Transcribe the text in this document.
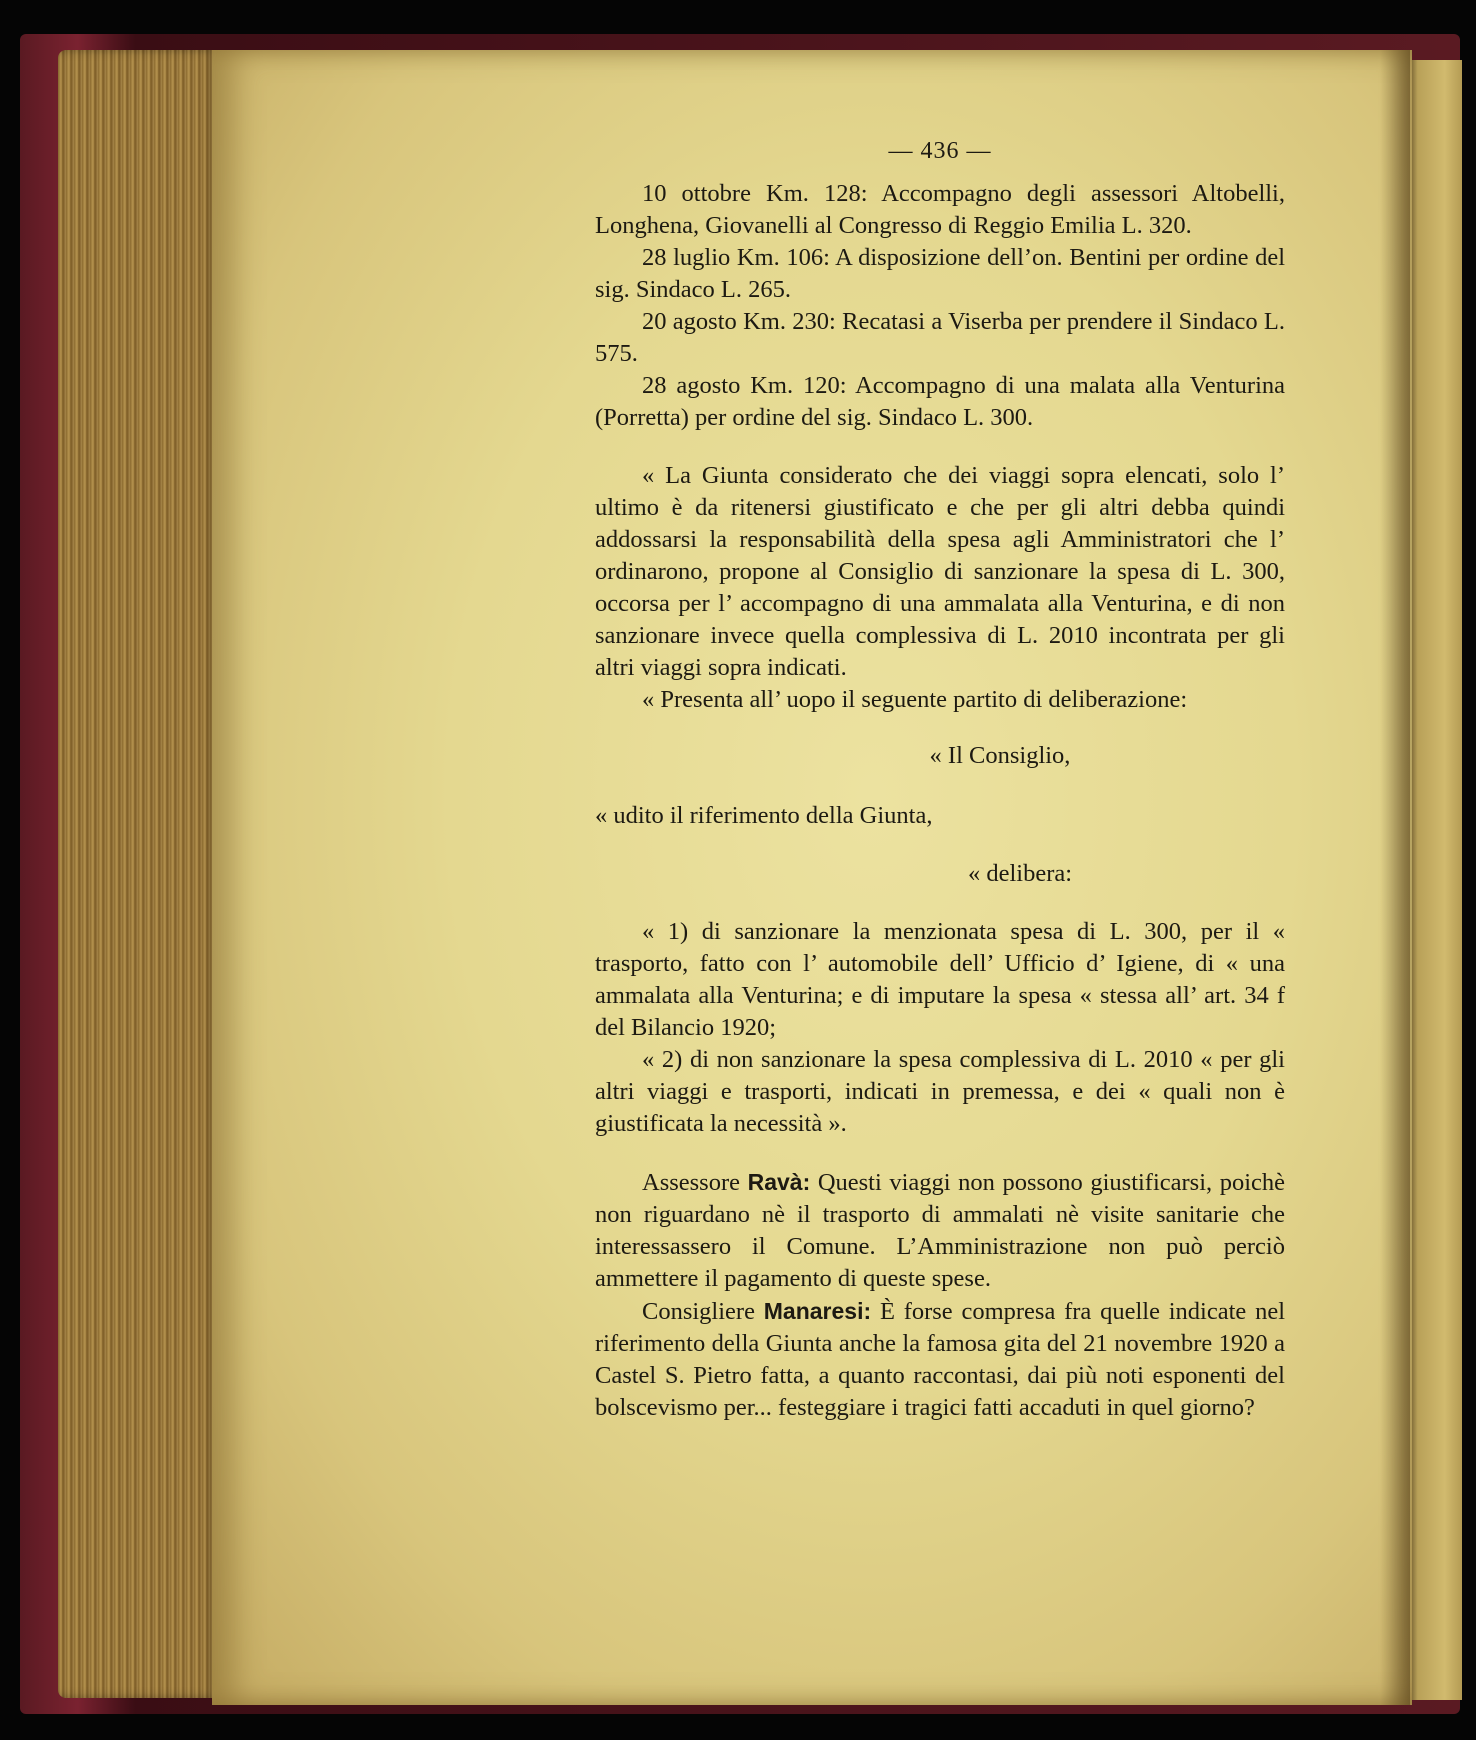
— 436 —

10 ottobre Km. 128: Accompagno degli assessori Altobelli, Longhena, Giovanelli al Congresso di Reggio Emilia L. 320.

28 luglio Km. 106: A disposizione dell’on. Bentini per ordine del sig. Sindaco L. 265.

20 agosto Km. 230: Recatasi a Viserba per prendere il Sindaco L. 575.

28 agosto Km. 120: Accompagno di una malata alla Venturina (Porretta) per ordine del sig. Sindaco L. 300.

« La Giunta considerato che dei viaggi sopra elencati, solo l’ ultimo è da ritenersi giustificato e che per gli altri debba quindi addossarsi la responsabilità della spesa agli Amministratori che l’ ordinarono, propone al Consiglio di sanzionare la spesa di L. 300, occorsa per l’ accompagno di una ammalata alla Venturina, e di non sanzionare invece quella complessiva di L. 2010 incontrata per gli altri viaggi sopra indicati.

« Presenta all’ uopo il seguente partito di deliberazione:

« Il Consiglio,

« udito il riferimento della Giunta,

« delibera:

« 1) di sanzionare la menzionata spesa di L. 300, per il « trasporto, fatto con l’ automobile dell’ Ufficio d’ Igiene, di « una ammalata alla Venturina; e di imputare la spesa « stessa all’ art. 34 f del Bilancio 1920;

« 2) di non sanzionare la spesa complessiva di L. 2010 « per gli altri viaggi e trasporti, indicati in premessa, e dei « quali non è giustificata la necessità ».

Assessore Ravà: Questi viaggi non possono giustificarsi, poichè non riguardano nè il trasporto di ammalati nè visite sanitarie che interessassero il Comune. L’Amministrazione non può perciò ammettere il pagamento di queste spese.

Consigliere Manaresi: È forse compresa fra quelle indicate nel riferimento della Giunta anche la famosa gita del 21 novembre 1920 a Castel S. Pietro fatta, a quanto raccontasi, dai più noti esponenti del bolscevismo per... festeggiare i tragici fatti accaduti in quel giorno?
